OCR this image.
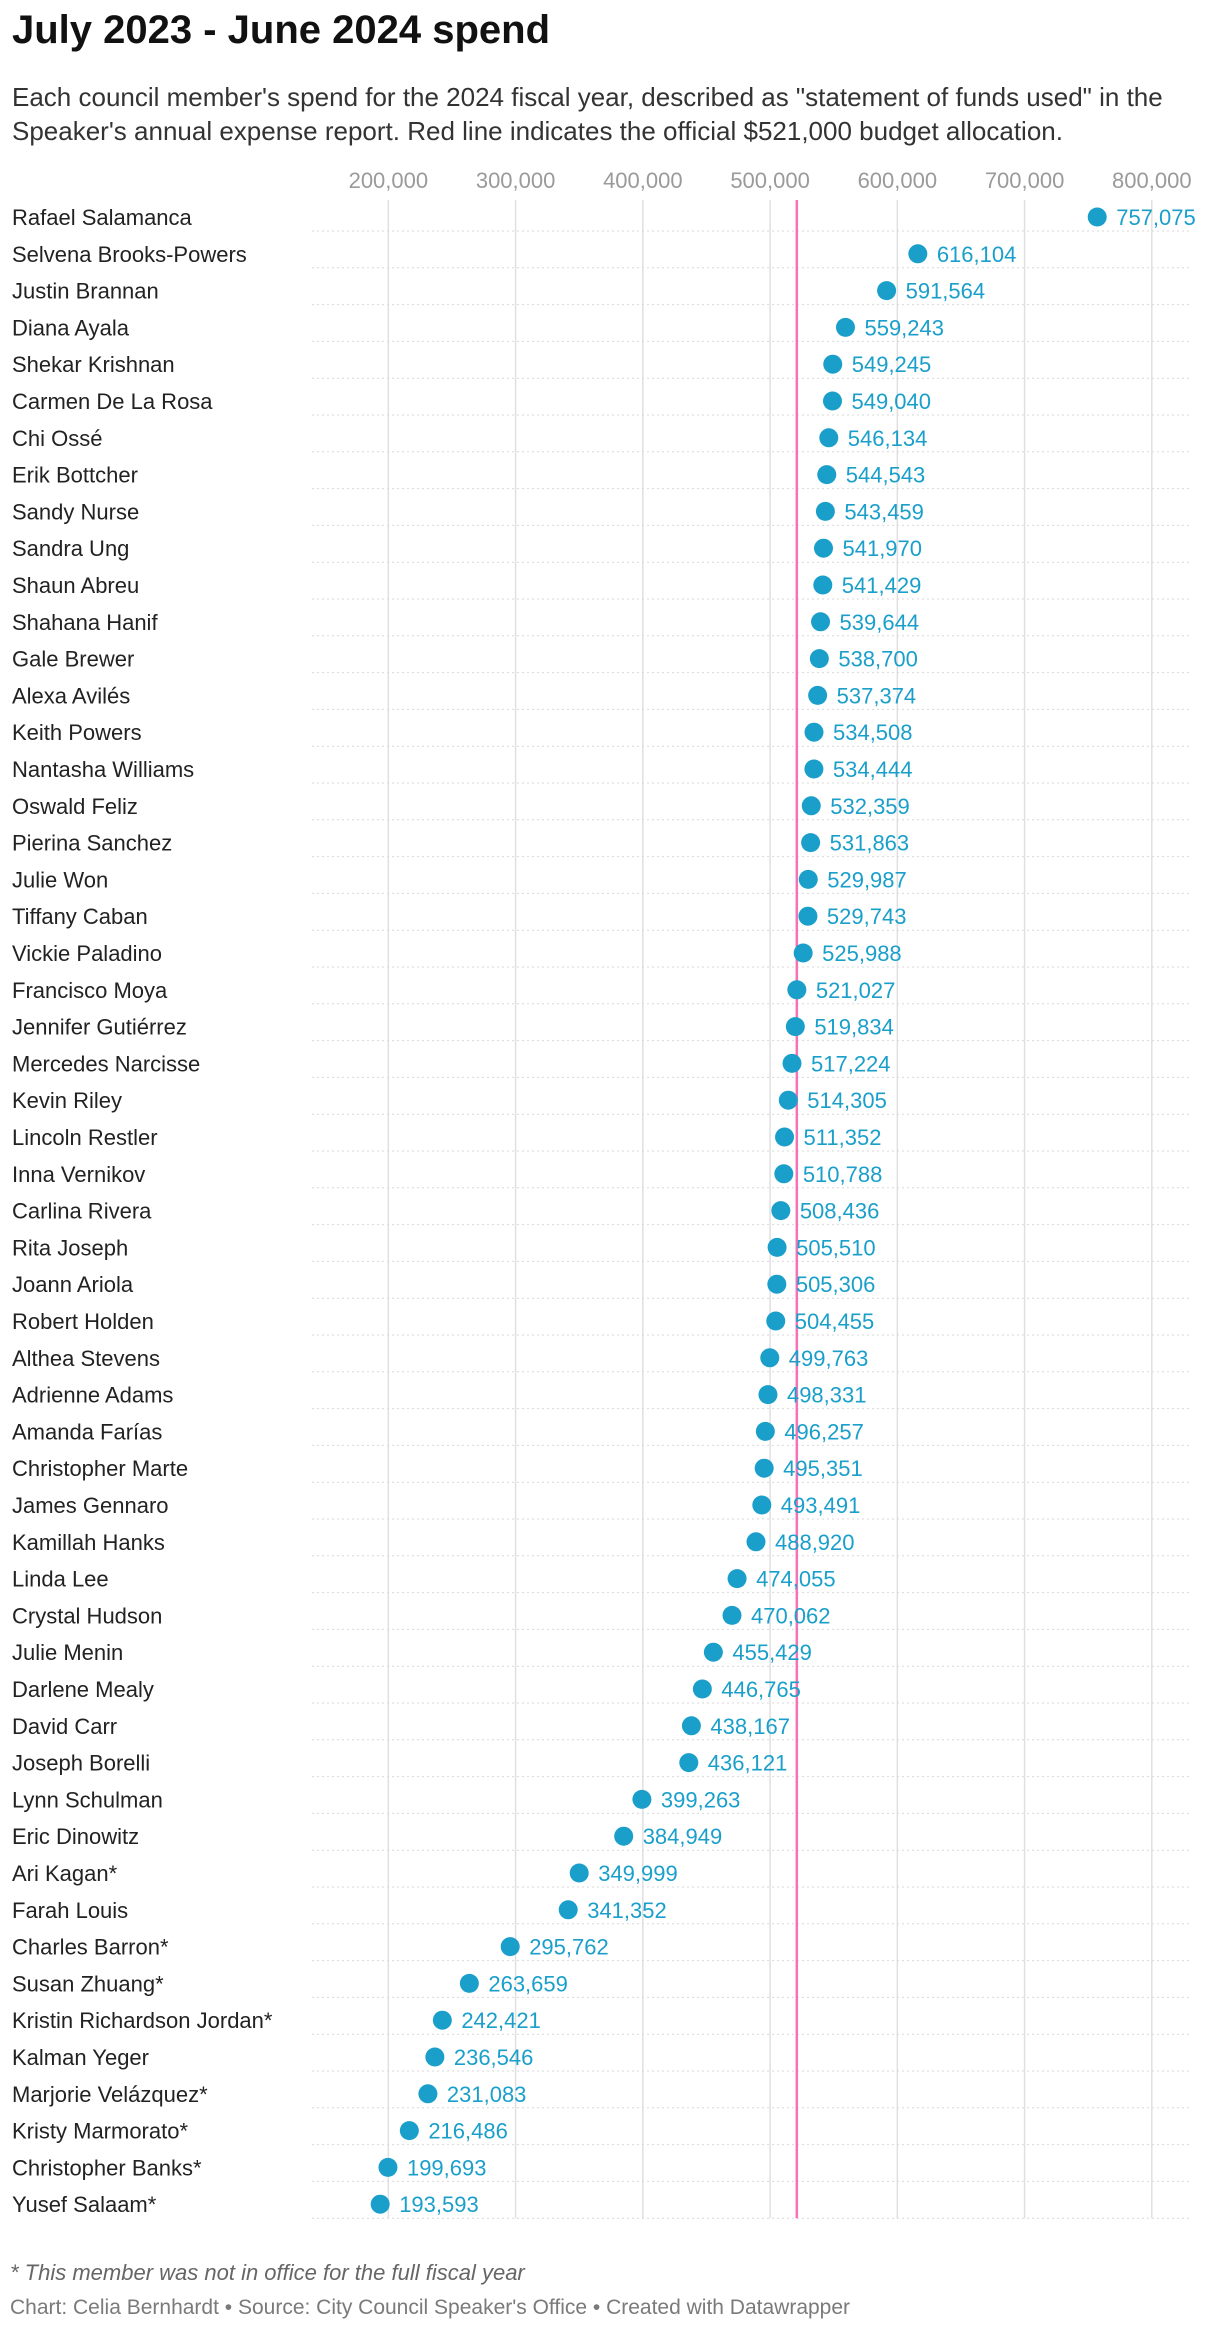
July 2023 - June 2024 spend
Each council member's spend for the 2024 fiscal year, described as "statement of funds used" in the Speaker's annual expense report. Red line indicates the official $521,000 budget allocation.
200,000 300,000 400,000 500,000 600,000 700,000 800,000
Rafael Salamanca
Selvena Brooks-Powers
Justin Brannan
Diana Ayala
Shekar Krishnan
Carmen De La Rosa
Chi Ossé
Erik Bottcher
Sandy Nurse
Sandra Ung
Shaun Abreu
Shahana Hanif
Gale Brewer
Alexa Avilés
Keith Powers
Nantasha Williams
Oswald Feliz
Pierina Sanchez
Julie Won
Tiffany Caban
Vickie Paladino
Francisco Moya
Jennifer Gutiérrez
Mercedes Narcisse
Kevin Riley
Lincoln Restler
Inna Vernikov
Carlina Rivera
Rita Joseph
Joann Ariola
Robert Holden
Althea Stevens
Adrienne Adams
Amanda Farías
Christopher Marte
James Gennaro
Kamillah Hanks
Linda Lee
Crystal Hudson
Julie Menin
Darlene Mealy
David Carr
Joseph Borelli
Lynn Schulman
Eric Dinowitz
Ari Kagan*
Farah Louis
Charles Barron*
Susan Zhuang*
Kristin Richardson Jordan*
Kalman Yeger
Marjorie Velázquez*
Kristy Marmorato*
Christopher Banks*
Yusef Salaam*
757,075
616,104
591,564
559,243
549,245
549,040
546,134
544,543
543,459
541,970
541,429
539,644
538,700
537,374
534,508
534,444
532,359
531,863
529,987
529,743
525,988
521,027
519,834
517,224
514,305
511,352
510,788
508,436
505,510
505,306
504,455
499,763
498,331
496,257
495,351
493,491
488,920
474,055
470,062
455,429
446,765
438,167
436,121
399,263
384,949
349,999
341,352
295,762
263,659
242,421
236,546
231,083
216,486
199,693
193,593
* This member was not in office for the full fiscal year
Chart: Celia Bernhardt • Source: City Council Speaker's Office • Created with Datawrapper
